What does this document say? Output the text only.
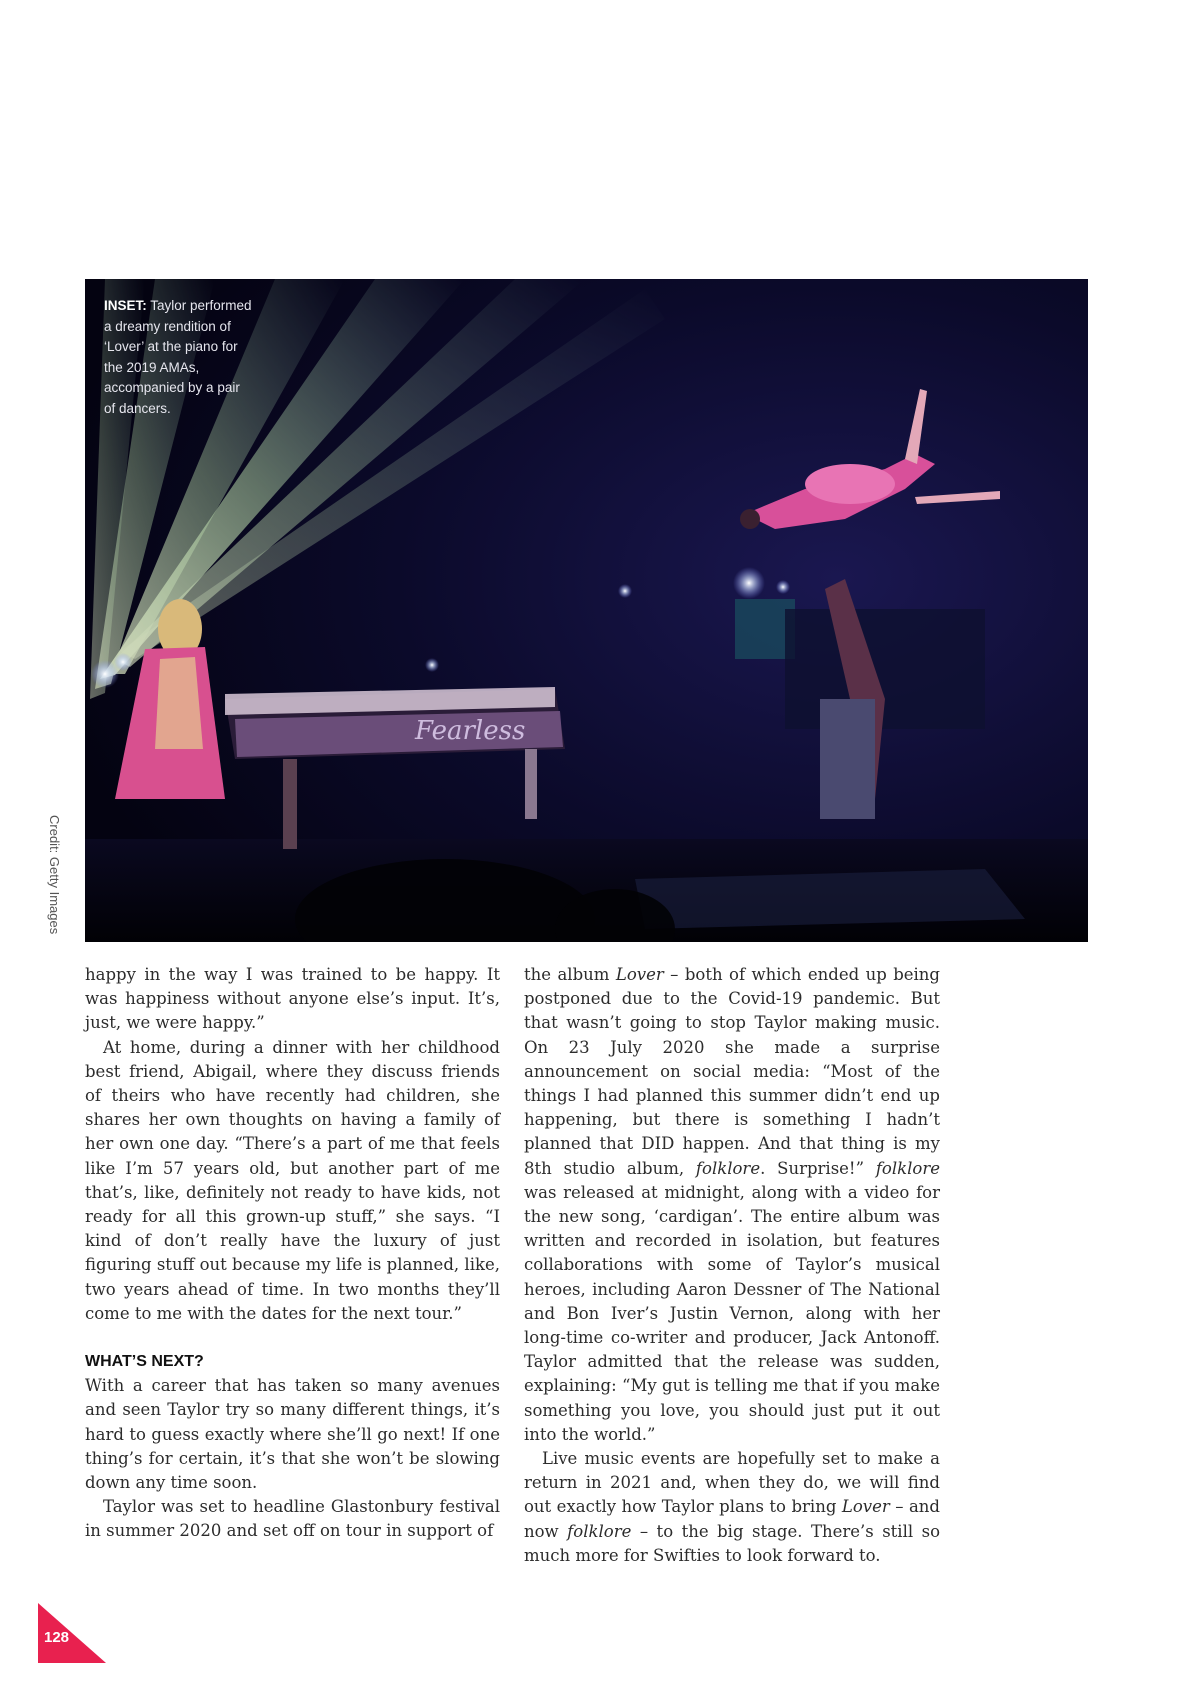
Fearless
INSET: Taylor performed a dreamy rendition of ‘Lover’ at the piano for the 2019 AMAs, accompanied by a pair of dancers.
Credit: Getty Images

happy in the way I was trained to be happy. It was happiness without anyone else’s input. It’s, just, we were happy.”

At home, during a dinner with her childhood best friend, Abigail, where they discuss friends of theirs who have recently had children, she shares her own thoughts on having a family of her own one day. “There’s a part of me that feels like I’m 57 years old, but another part of me that’s, like, definitely not ready to have kids, not ready for all this grown-up stuff,” she says. “I kind of don’t really have the luxury of just figuring stuff out because my life is planned, like, two years ahead of time. In two months they’ll come to me with the dates for the next tour.”

WHAT’S NEXT?

With a career that has taken so many avenues and seen Taylor try so many different things, it’s hard to guess exactly where she’ll go next! If one thing’s for certain, it’s that she won’t be slowing down any time soon.

Taylor was set to headline Glastonbury festival in summer 2020 and set off on tour in support of

the album Lover – both of which ended up being postponed due to the Covid-19 pandemic. But that wasn’t going to stop Taylor making music. On 23 July 2020 she made a surprise announcement on social media: “Most of the things I had planned this summer didn’t end up happening, but there is something I hadn’t planned that DID happen. And that thing is my 8th studio album, folklore. Surprise!” folklore was released at midnight, along with a video for the new song, ‘cardigan’. The entire album was written and recorded in isolation, but features collaborations with some of Taylor’s musical heroes, including Aaron Dessner of The National and Bon Iver’s Justin Vernon, along with her long-time co-writer and producer, Jack Antonoff. Taylor admitted that the release was sudden, explaining: “My gut is telling me that if you make something you love, you should just put it out into the world.”

Live music events are hopefully set to make a return in 2021 and, when they do, we will find out exactly how Taylor plans to bring Lover – and now folklore – to the big stage. There’s still so much more for Swifties to look forward to.

128
